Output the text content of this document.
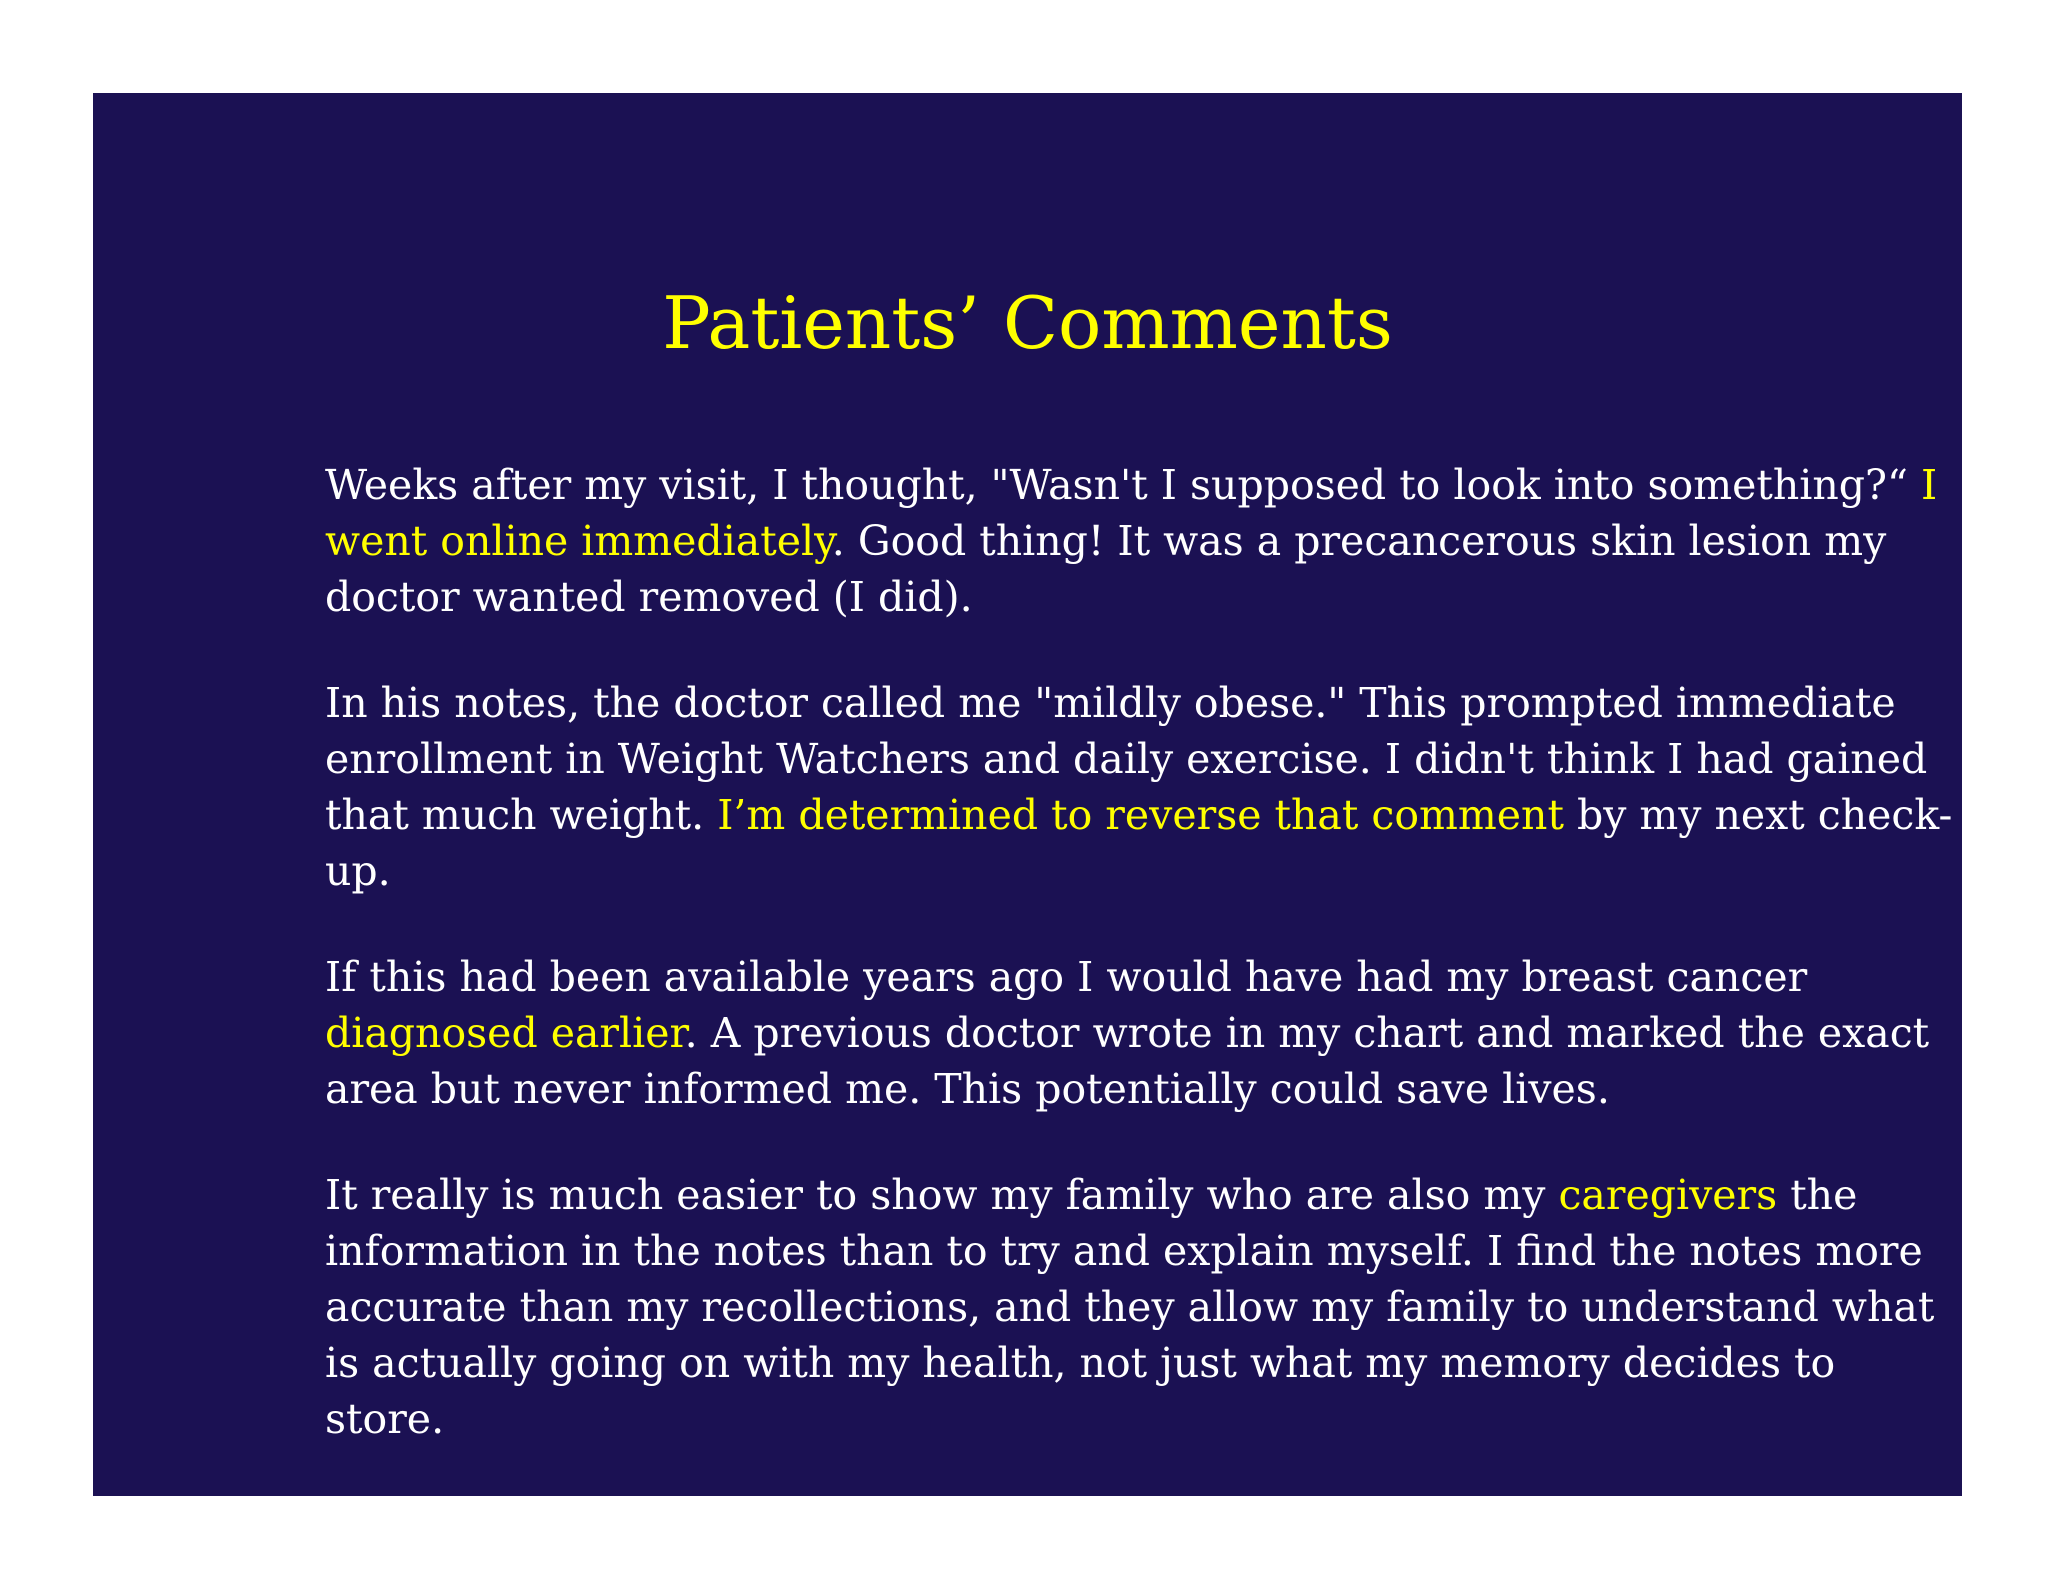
Patients’ Comments

Weeks after my visit, I thought, "Wasn't I supposed to look into something?“ I went online immediately. Good thing! It was a precancerous skin lesion my doctor wanted removed (I did).

In his notes, the doctor called me "mildly obese." This prompted immediate enrollment in Weight Watchers and daily exercise. I didn't think I had gained that much weight. I’m determined to reverse that comment by my next check-up.

If this had been available years ago I would have had my breast cancer diagnosed earlier. A previous doctor wrote in my chart and marked the exact area but never informed me. This potentially could save lives.

It really is much easier to show my family who are also my caregivers the information in the notes than to try and explain myself. I find the notes more accurate than my recollections, and they allow my family to understand what is actually going on with my health, not just what my memory decides to store.
